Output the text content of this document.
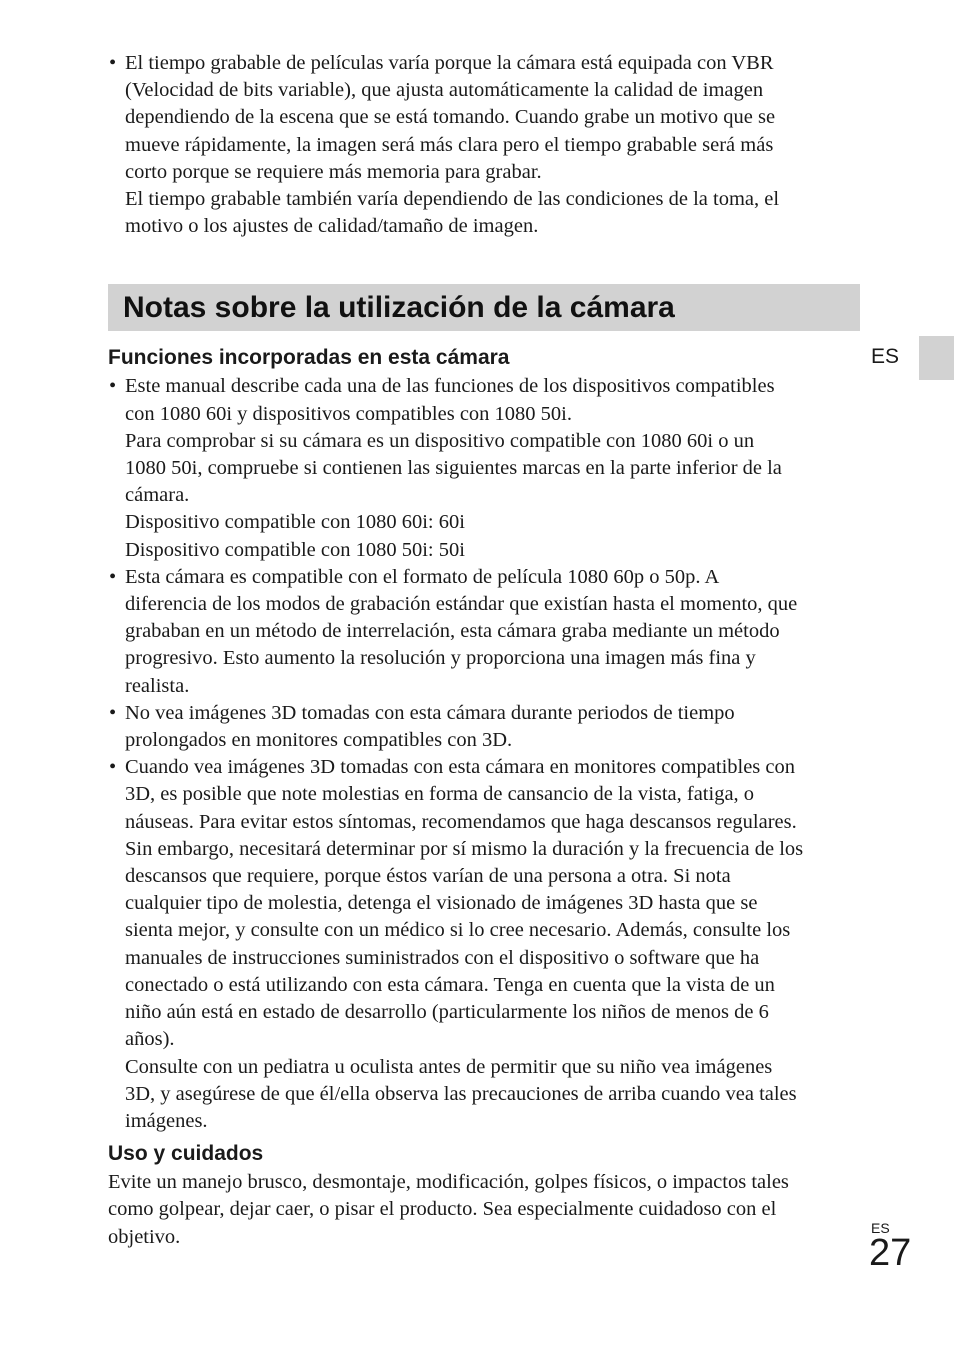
• El tiempo grabable de películas varía porque la cámara está equipada con VBR
(Velocidad de bits variable), que ajusta automáticamente la calidad de imagen
dependiendo de la escena que se está tomando. Cuando grabe un motivo que se
mueve rápidamente, la imagen será más clara pero el tiempo grabable será más
corto porque se requiere más memoria para grabar.
El tiempo grabable también varía dependiendo de las condiciones de la toma, el
motivo o los ajustes de calidad/tamaño de imagen.
Notas sobre la utilización de la cámara
Funciones incorporadas en esta cámara
• Este manual describe cada una de las funciones de los dispositivos compatibles
con 1080 60i y dispositivos compatibles con 1080 50i.
Para comprobar si su cámara es un dispositivo compatible con 1080 60i o un
1080 50i, compruebe si contienen las siguientes marcas en la parte inferior de la
cámara.
Dispositivo compatible con 1080 60i: 60i
Dispositivo compatible con 1080 50i: 50i
• Esta cámara es compatible con el formato de película 1080 60p o 50p. A
diferencia de los modos de grabación estándar que existían hasta el momento, que
grababan en un método de interrelación, esta cámara graba mediante un método
progresivo. Esto aumento la resolución y proporciona una imagen más fina y
realista.
• No vea imágenes 3D tomadas con esta cámara durante periodos de tiempo
prolongados en monitores compatibles con 3D.
• Cuando vea imágenes 3D tomadas con esta cámara en monitores compatibles con
3D, es posible que note molestias en forma de cansancio de la vista, fatiga, o
náuseas. Para evitar estos síntomas, recomendamos que haga descansos regulares.
Sin embargo, necesitará determinar por sí mismo la duración y la frecuencia de los
descansos que requiere, porque éstos varían de una persona a otra. Si nota
cualquier tipo de molestia, detenga el visionado de imágenes 3D hasta que se
sienta mejor, y consulte con un médico si lo cree necesario. Además, consulte los
manuales de instrucciones suministrados con el dispositivo o software que ha
conectado o está utilizando con esta cámara. Tenga en cuenta que la vista de un
niño aún está en estado de desarrollo (particularmente los niños de menos de 6
años).
Consulte con un pediatra u oculista antes de permitir que su niño vea imágenes
3D, y asegúrese de que él/ella observa las precauciones de arriba cuando vea tales
imágenes.
Uso y cuidados
Evite un manejo brusco, desmontaje, modificación, golpes físicos, o impactos tales
como golpear, dejar caer, o pisar el producto. Sea especialmente cuidadoso con el
objetivo.
ES
ES
27
